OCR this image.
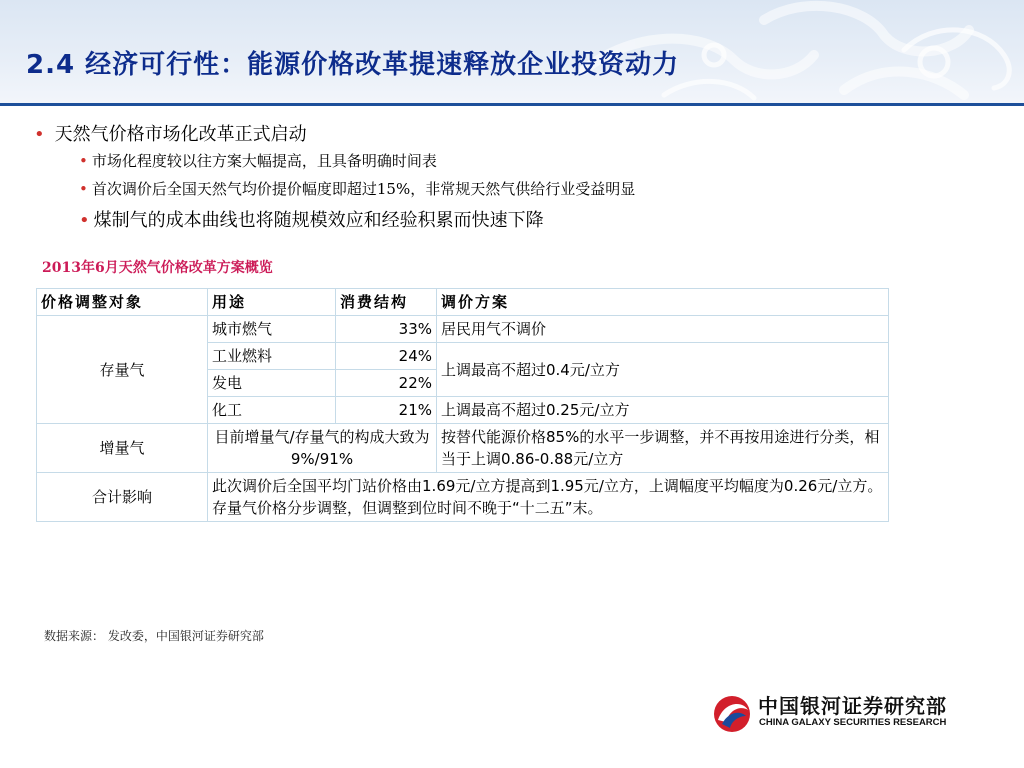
2.4 经济可行性：能源价格改革提速释放企业投资动力
• 天然气价格市场化改革正式启动
• 市场化程度较以往方案大幅提高，且具备明确时间表
• 首次调价后全国天然气均价提价幅度即超过15%，非常规天然气供给行业受益明显
• 煤制气的成本曲线也将随规模效应和经验积累而快速下降
2013年6月天然气价格改革方案概览
价格调整对象	用途	消费结构	调价方案
存量气	城市燃气	33%	居民用气不调价
	工业燃料	24%	上调最高不超过0.4元/立方
	发电	22%	
	化工	21%	上调最高不超过0.25元/立方
增量气	目前增量气/存量气的构成大致为9%/91%		按替代能源价格85%的水平一步调整，并不再按用途进行分类，相当于上调0.86-0.88元/立方
合计影响	此次调价后全国平均门站价格由1.69元/立方提高到1.95元/立方，上调幅度平均幅度为0.26元/立方。
存量气价格分步调整，但调整到位时间不晚于“十二五”末。		
数据来源： 发改委，中国银河证券研究部
中国银河证券研究部
CHINA GALAXY SECURITIES RESEARCH
